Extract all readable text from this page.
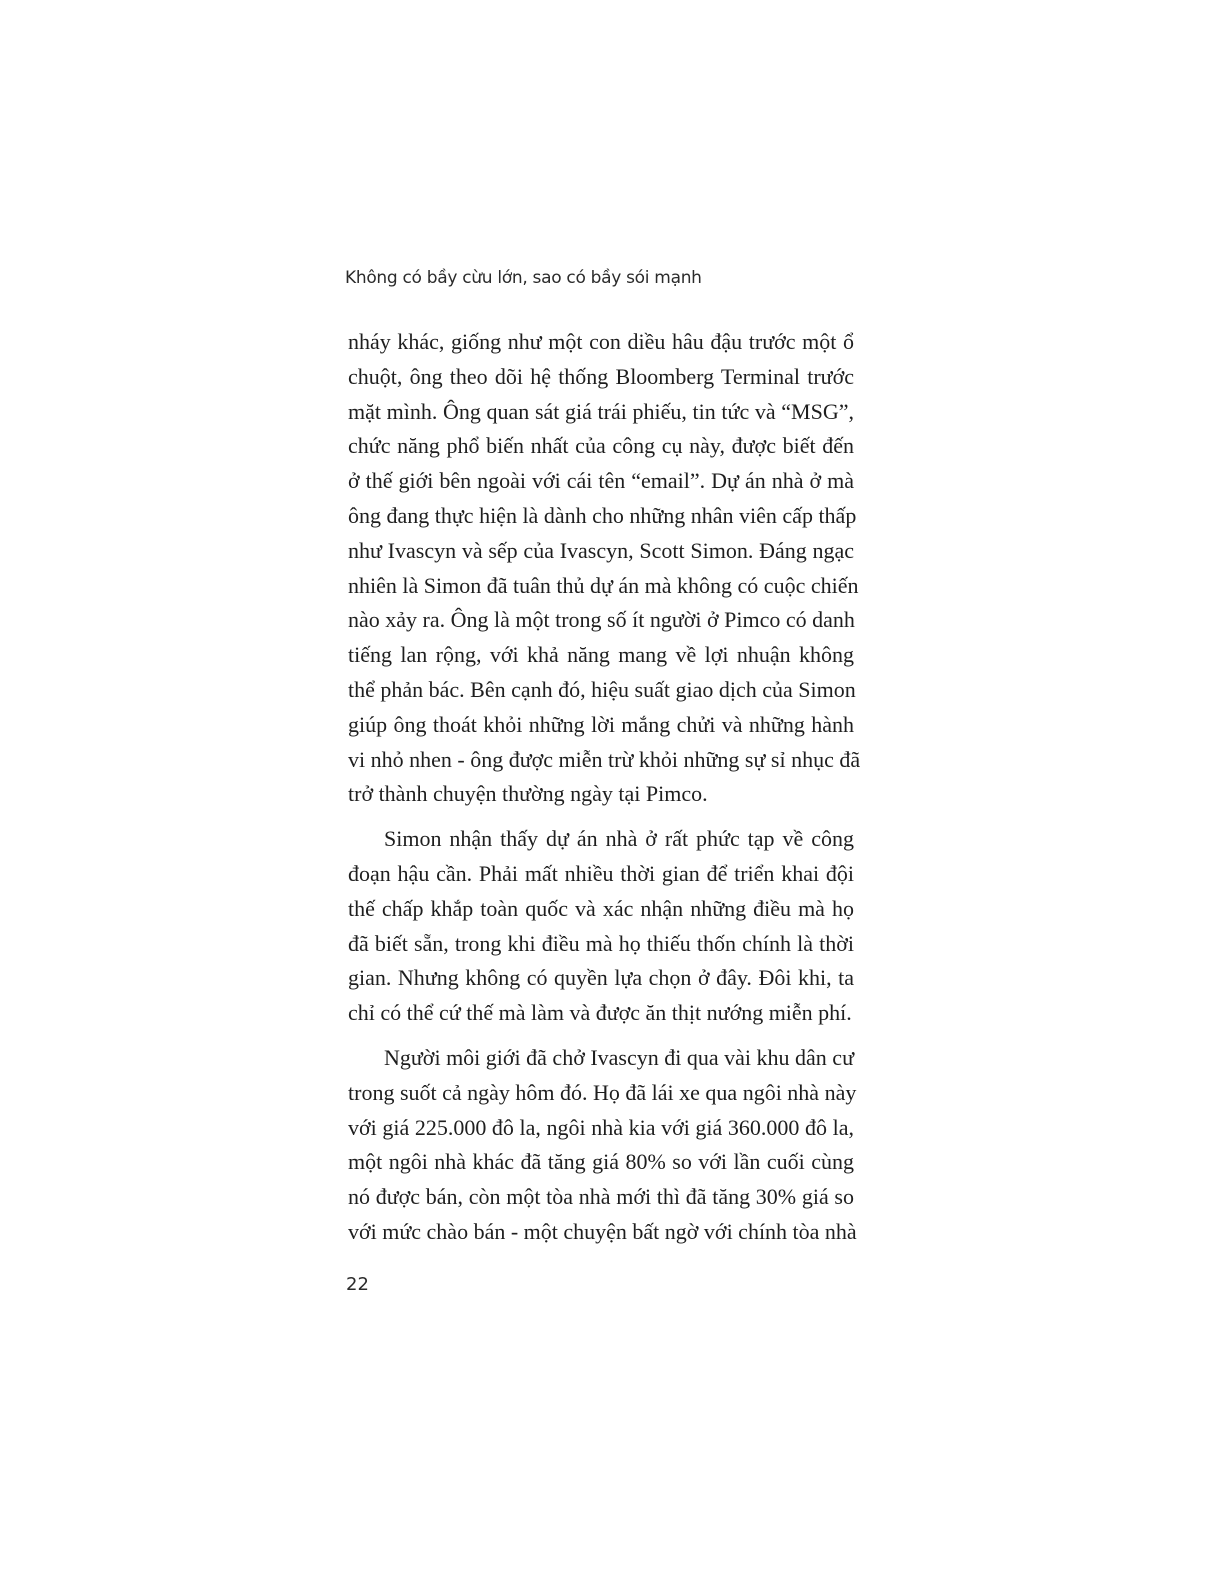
Không có bầy cừu lớn, sao có bầy sói mạnh
nháy khác, giống như một con diều hâu đậu trước một ổ
chuột, ông theo dõi hệ thống Bloomberg Terminal trước
mặt mình. Ông quan sát giá trái phiếu, tin tức và “MSG”,
chức năng phổ biến nhất của công cụ này, được biết đến
ở thế giới bên ngoài với cái tên “email”. Dự án nhà ở mà
ông đang thực hiện là dành cho những nhân viên cấp thấp
như Ivascyn và sếp của Ivascyn, Scott Simon. Đáng ngạc
nhiên là Simon đã tuân thủ dự án mà không có cuộc chiến
nào xảy ra. Ông là một trong số ít người ở Pimco có danh
tiếng lan rộng, với khả năng mang về lợi nhuận không
thể phản bác. Bên cạnh đó, hiệu suất giao dịch của Simon
giúp ông thoát khỏi những lời mắng chửi và những hành
vi nhỏ nhen - ông được miễn trừ khỏi những sự sỉ nhục đã
trở thành chuyện thường ngày tại Pimco.
Simon nhận thấy dự án nhà ở rất phức tạp về công
đoạn hậu cần. Phải mất nhiều thời gian để triển khai đội
thế chấp khắp toàn quốc và xác nhận những điều mà họ
đã biết sẵn, trong khi điều mà họ thiếu thốn chính là thời
gian. Nhưng không có quyền lựa chọn ở đây. Đôi khi, ta
chỉ có thể cứ thế mà làm và được ăn thịt nướng miễn phí.
Người môi giới đã chở Ivascyn đi qua vài khu dân cư
trong suốt cả ngày hôm đó. Họ đã lái xe qua ngôi nhà này
với giá 225.000 đô la, ngôi nhà kia với giá 360.000 đô la,
một ngôi nhà khác đã tăng giá 80% so với lần cuối cùng
nó được bán, còn một tòa nhà mới thì đã tăng 30% giá so
với mức chào bán - một chuyện bất ngờ với chính tòa nhà
22
